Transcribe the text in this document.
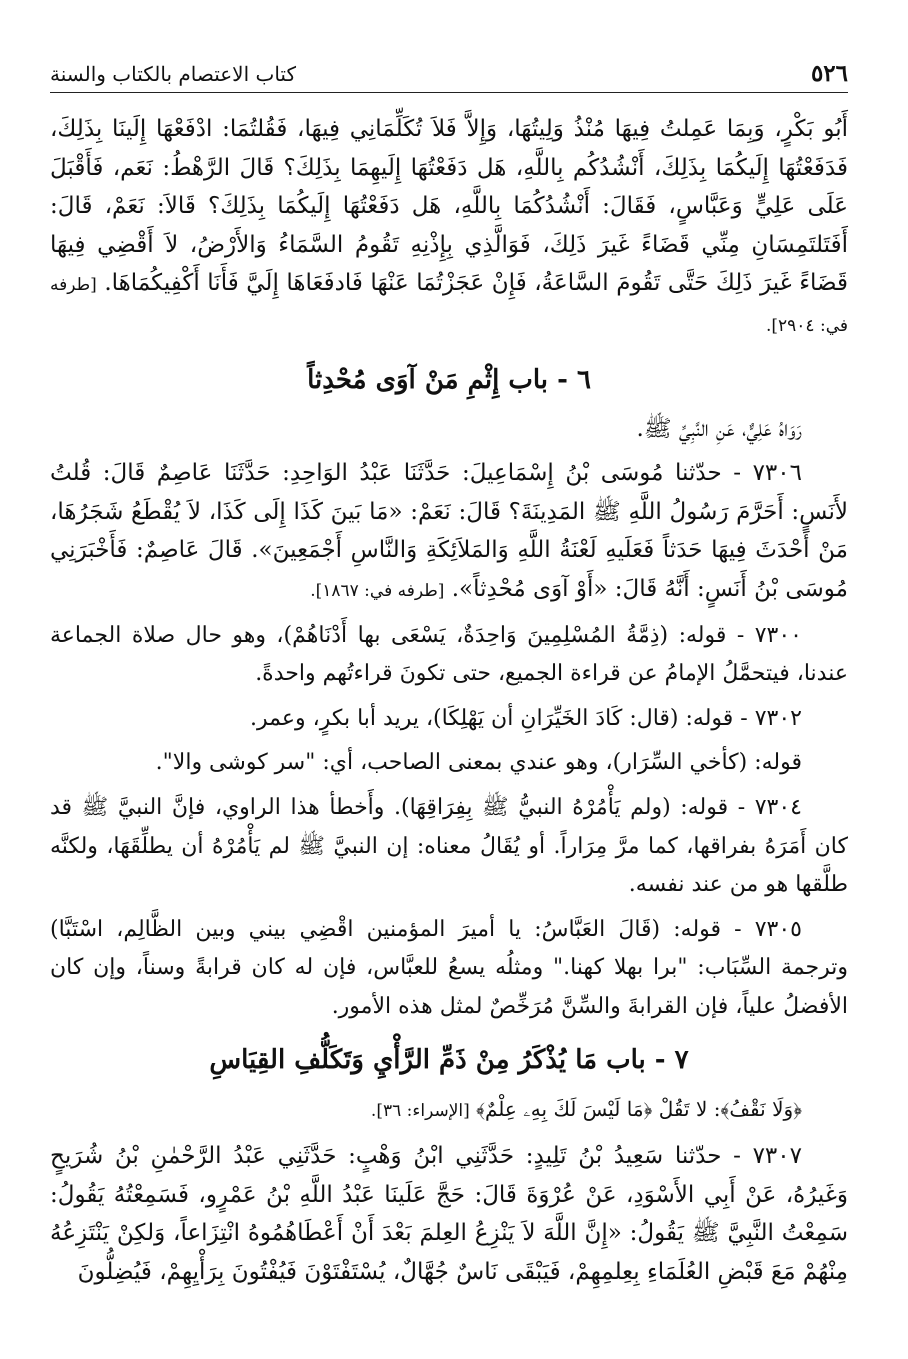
٥٢٦
كتاب الاعتصام بالكتاب والسنة

أَبُو بَكْرٍ، وَبِمَا عَمِلتُ فِيهَا مُنْذُ وَلِيتُهَا، وَإِلاَّ فَلاَ تُكَلِّمَانِي فِيهَا، فَقُلتُمَا: ادْفَعْهَا إِلَينَا بِذَلِكَ، فَدَفَعْتُهَا إِلَيكُمَا بِذَلِكَ، أَنْشُدُكُم بِاللَّهِ، هَل دَفَعْتُهَا إِلَيهِمَا بِذَلِكَ؟ قَالَ الرَّهْطُ: نَعَم، فَأَقْبَلَ عَلَى عَلِيٍّ وَعَبَّاسٍ، فَقَالَ: أَنْشُدُكُمَا بِاللَّهِ، هَل دَفَعْتُهَا إِلَيكُمَا بِذَلِكَ؟ قَالاَ: نَعَمْ، قَالَ: أَفَتَلتَمِسَانِ مِنِّي قَضَاءً غَيرَ ذَلِكَ، فَوَالَّذِي بِإِذْنِهِ تَقُومُ السَّمَاءُ وَالأَرْضُ، لاَ أَقْضِي فِيهَا قَضَاءً غَيرَ ذَلِكَ حَتَّى تَقُومَ السَّاعَةُ، فَإِنْ عَجَزْتُمَا عَنْهَا فَادفَعَاهَا إِلَيَّ فَأَنَا أَكْفِيكُمَاهَا. [طرفه في: ٢٩٠٤].

٦ - باب إِثْمِ مَنْ آوَى مُحْدِثاً

رَوَاهُ عَلِيٌّ، عَنِ النَّبِيِّ ﷺ.

٧٣٠٦ - حدّثنا مُوسَى بْنُ إِسْمَاعِيلَ: حَدَّثَنَا عَبْدُ الوَاحِدِ: حَدَّثَنَا عَاصِمٌ قَالَ: قُلتُ لأَنَسٍ: أَحَرَّمَ رَسُولُ اللَّهِ ﷺ المَدِينَةَ؟ قَالَ: نَعَمْ: «مَا بَينَ كَذَا إِلَى كَذَا، لاَ يُقْطَعُ شَجَرُهَا، مَنْ أَحْدَثَ فِيهَا حَدَثاً فَعَلَيهِ لَعْنَةُ اللَّهِ وَالمَلاَئِكَةِ وَالنَّاسِ أَجْمَعِينَ». قَالَ عَاصِمٌ: فَأَخْبَرَنِي مُوسَى بْنُ أَنَسٍ: أَنَّهُ قَالَ: «أَوْ آوَى مُحْدِثاً». [طرفه في: ١٨٦٧].

٧٣٠٠ - قوله: (ذِمَّةُ المُسْلِمِينَ وَاحِدَةٌ، يَسْعَى بها أَدْنَاهُمْ)، وهو حال صلاة الجماعة عندنا، فيتحمَّلُ الإمامُ عن قراءة الجميع، حتى تكونَ قراءتُهم واحدةً.

٧٣٠٢ - قوله: (قال: كَادَ الخَيِّرَانِ أن يَهْلِكَا)، يريد أبا بكرٍ، وعمر.

قوله: (كأخي السِّرَار)، وهو عندي بمعنى الصاحب، أي: "سر كوشى والا".

٧٣٠٤ - قوله: (ولم يَأْمُرْهُ النبيُّ ﷺ بِفِرَاقِهَا). وأَخطأ هذا الراوي، فإنَّ النبيَّ ﷺ قد كان أَمَرَهُ بفراقها، كما مرَّ مِرَاراً. أو يُقَالُ معناه: إن النبيَّ ﷺ لم يَأْمُرْهُ أن يطلِّقَهَا، ولكنَّه طلَّقها هو من عند نفسه.

٧٣٠٥ - قوله: (قَالَ العَبَّاسُ: يا أميرَ المؤمنين اقْضِي بيني وبين الظَّالِم، اسْتَبَّا) وترجمة السِّبَاب: "برا بهلا كهنا." ومثلُه يسعُ للعبَّاس، فإن له كان قرابةً وسناً، وإن كان الأفضلُ علياً، فإن القرابةَ والسِّنَّ مُرَخِّصٌ لمثل هذه الأمور.

٧ - باب مَا يُذْكَرُ مِنْ ذَمِّ الرَّأْيِ وَتَكَلُّفِ القِيَاسِ

﴿وَلَا نَقْفُ﴾: لا تَقُلْ ﴿مَا لَيْسَ لَكَ بِهِۦ عِلْمٌ﴾ [الإسراء: ٣٦].

٧٣٠٧ - حدّثنا سَعِيدُ بْنُ تَلِيدٍ: حَدَّثَنِي ابْنُ وَهْبٍ: حَدَّثَنِي عَبْدُ الرَّحْمٰنِ بْنُ شُرَيحٍ وَغَيرُهُ، عَنْ أَبِي الأَسْوَدِ، عَنْ عُرْوَةَ قَالَ: حَجَّ عَلَينَا عَبْدُ اللَّهِ بْنُ عَمْرٍو، فَسَمِعْتُهُ يَقُولُ: سَمِعْتُ النَّبِيَّ ﷺ يَقُولُ: «إِنَّ اللَّهَ لاَ يَنْزِعُ العِلمَ بَعْدَ أَنْ أَعْطَاهُمُوهُ انْتِزَاعاً، وَلكِنْ يَنْتَزِعُهُ مِنْهُمْ مَعَ قَبْضِ العُلَمَاءِ بِعِلمِهِمْ، فَيَبْقَى نَاسٌ جُهَّالٌ، يُسْتَفْتَوْنَ فَيُفْتُونَ بِرَأْيِهِمْ، فَيُضِلُّونَ
